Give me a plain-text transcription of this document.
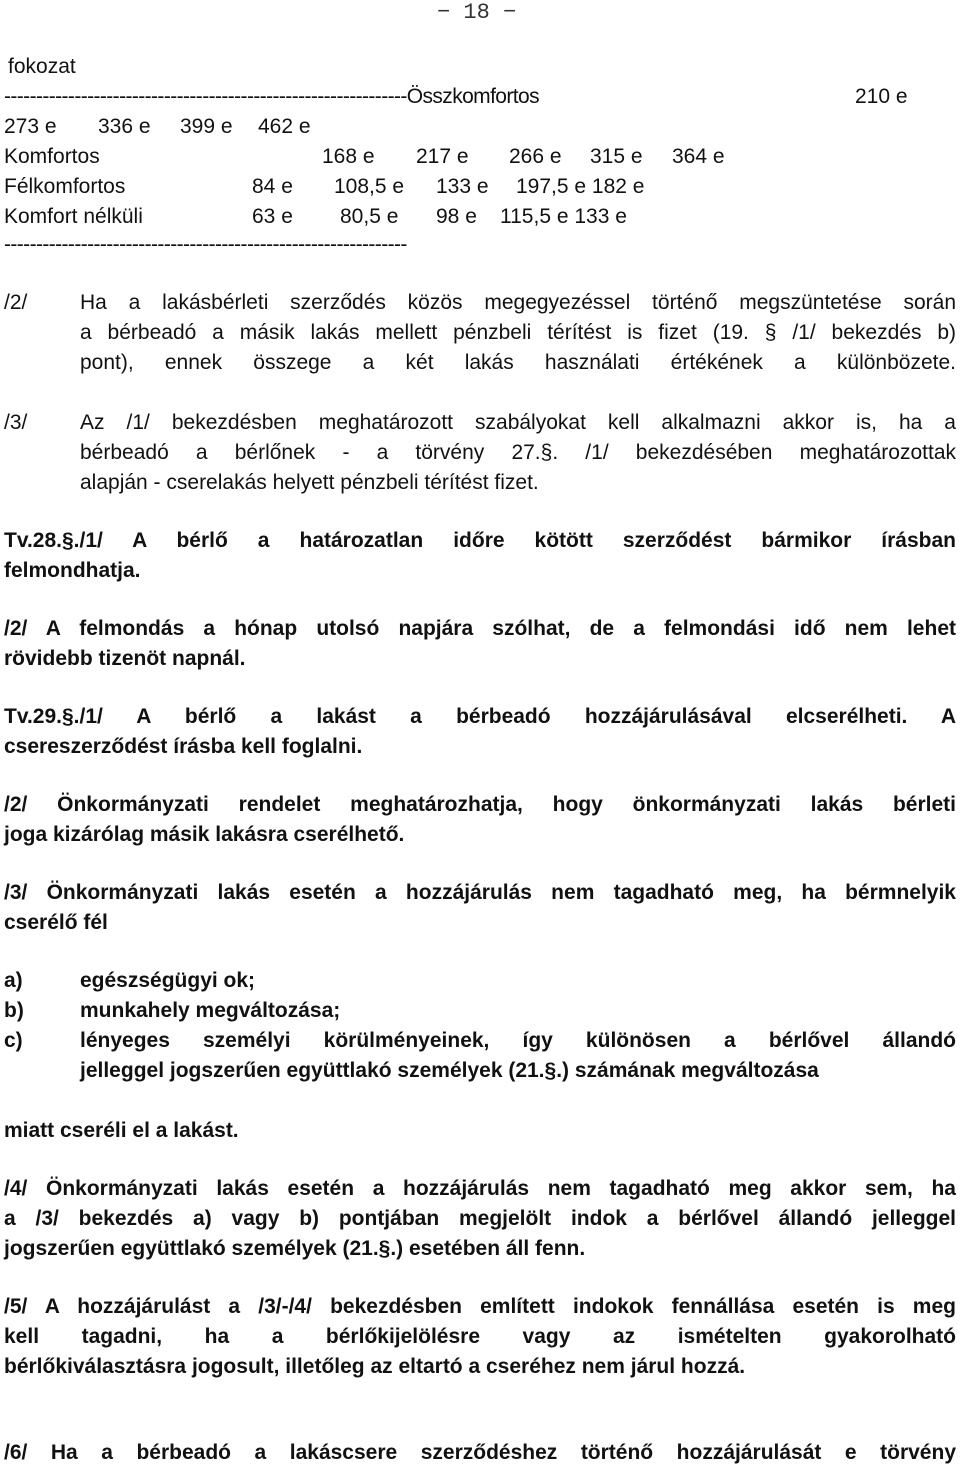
− 18 −
fokozat
---------------------------------------------------------------Összkomfortos	210 e
273 e 336 e 399 e 462 e
Komfortos	168 e 217 e 266 e 315 e 364 e
Félkomfortos	84 e 108,5 e 133 e 197,5 e 182 e
Komfort nélküli	63 e 80,5 e 98 e 115,5 e 133 e
---------------------------------------------------------------
/2/	Ha a lakásbérleti szerződés közös megegyezéssel történő megszüntetése során
a bérbeadó a másik lakás mellett pénzbeli térítést is fizet (19. § /1/ bekezdés b)
pont), ennek összege a két lakás használati értékének a különbözete.
/3/	Az /1/ bekezdésben meghatározott szabályokat kell alkalmazni akkor is, ha a
bérbeadó a bérlőnek - a törvény 27.§. /1/ bekezdésében meghatározottak
alapján - cserelakás helyett pénzbeli térítést fizet.
Tv.28.§./1/ A bérlő a határozatlan időre kötött szerződést bármikor írásban
felmondhatja.
/2/ A felmondás a hónap utolsó napjára szólhat, de a felmondási idő nem lehet
rövidebb tizenöt napnál.
Tv.29.§./1/ A bérlő a lakást a bérbeadó hozzájárulásával elcserélheti. A
csereszerződést írásba kell foglalni.
/2/ Önkormányzati rendelet meghatározhatja, hogy önkormányzati lakás bérleti
joga kizárólag másik lakásra cserélhető.
/3/ Önkormányzati lakás esetén a hozzájárulás nem tagadható meg, ha bérmnelyik
cserélő fél
a)	egészségügyi ok;
b)	munkahely megváltozása;
c)	lényeges személyi körülményeinek, így különösen a bérlővel állandó
jelleggel jogszerűen együttlakó személyek (21.§.) számának megváltozása
miatt cseréli el a lakást.
/4/ Önkormányzati lakás esetén a hozzájárulás nem tagadható meg akkor sem, ha
a /3/ bekezdés a) vagy b) pontjában megjelölt indok a bérlővel állandó jelleggel
jogszerűen együttlakó személyek (21.§.) esetében áll fenn.
/5/ A hozzájárulást a /3/-/4/ bekezdésben említett indokok fennállása esetén is meg
kell tagadni, ha a bérlőkijelölésre vagy az ismételten gyakorolható
bérlőkiválasztásra jogosult, illetőleg az eltartó a cseréhez nem járul hozzá.
/6/ Ha a bérbeadó a lakáscsere szerződéshez történő hozzájárulását e törvény
